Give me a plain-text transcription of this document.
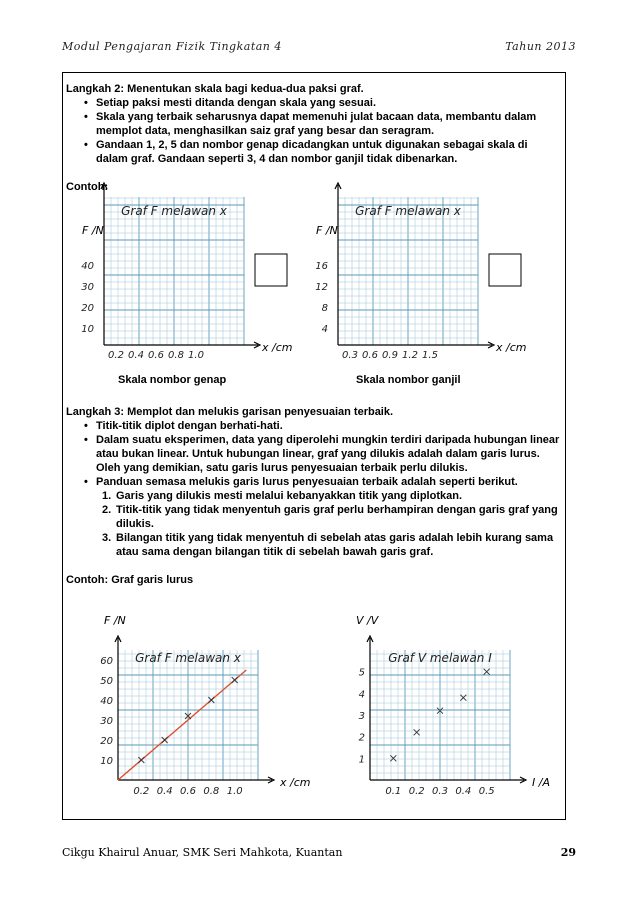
Modul Pengajaran Fizik Tingkatan 4	Tahun 2013
Langkah 2: Menentukan skala bagi kedua-dua paksi graf.
• Setiap paksi mesti ditanda dengan skala yang sesuai.
• Skala yang terbaik seharusnya dapat memenuhi julat bacaan data, membantu dalam memplot data, menghasilkan saiz graf yang besar dan seragram.
• Gandaan 1, 2, 5 dan nombor genap dicadangkan untuk digunakan sebagai skala di dalam graf. Gandaan seperti 3, 4 dan nombor ganjil tidak dibenarkan.
Contoh:
Graf F melawan x
F /N
40
30
20
10
0.2 0.4 0.6 0.8 1.0
x /cm
Graf F melawan x
F /N
16
12
8
4
0.3 0.6 0.9 1.2 1.5
x /cm
Graf F melawan x
F /N
x /cm
10
20
30
40
50
60
0.2 0.4 0.6 0.8 1.0
Graf V melawan I
V /V
I /A
1
2
3
4
5
0.1 0.2 0.3 0.4 0.5
Skala nombor genap	Skala nombor ganjil
Langkah 3: Memplot dan melukis garisan penyesuaian terbaik.
• Titik-titik diplot dengan berhati-hati.
• Dalam suatu eksperimen, data yang diperolehi mungkin terdiri daripada hubungan linear atau bukan linear. Untuk hubungan linear, graf yang dilukis adalah dalam garis lurus. Oleh yang demikian, satu garis lurus penyesuaian terbaik perlu dilukis.
• Panduan semasa melukis garis lurus penyesuaian terbaik adalah seperti berikut.
1. Garis yang dilukis mesti melalui kebanyakkan titik yang diplotkan.
2. Titik-titik yang tidak menyentuh garis graf perlu berhampiran dengan garis graf yang dilukis.
3. Bilangan titik yang tidak menyentuh di sebelah atas garis adalah lebih kurang sama atau sama dengan bilangan titik di sebelah bawah garis graf.
Contoh: Graf garis lurus
Cikgu Khairul Anuar, SMK Seri Mahkota, Kuantan	29
